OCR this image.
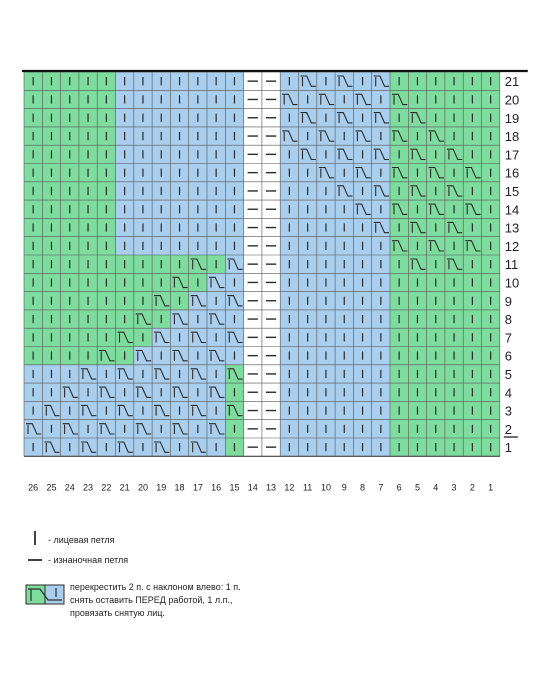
1
2
3
4
5
6
7
8
9
10
11
12
13
14
15
16
17
18
19
20
21
26 25 24 23 22 21 20 19 18 17 16 15 14 13 12 11 10 9 8 7 6 5 4 3 2 1
- лицевая петля
- изнаночная петля
перекрестить 2 п. с наклоном влево: 1 п.
снять оставить ПЕРЕД работой, 1 л.п.,
провязать снятую лиц.
